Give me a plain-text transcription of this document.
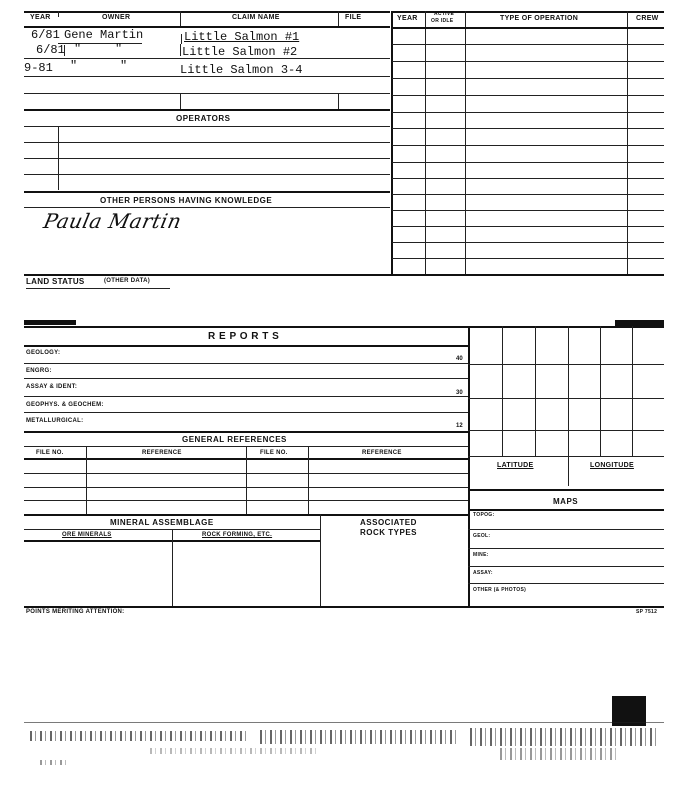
YEAR	OWNER	CLAIM NAME	FILE
6/81 Gene Martin	Little Salmon #1
6/81 "	"	Little Salmon #2
9-81 "	"	Little Salmon 3-4
OPERATORS
OTHER PERSONS HAVING KNOWLEDGE
Paula Martin
YEAR
ACTIVE
OR IDLE	TYPE OF OPERATION	CREW
LAND STATUS	(OTHER DATA)
R E P O R T S
GEOLOGY:
40
ENGRG:
ASSAY & IDENT:
30
GEOPHYS. & GEOCHEM:
METALLURGICAL:
12
LATITUDE	LONGITUDE
MAPS
TOPOG:
GEOL:
MINE:
ASSAY:
OTHER (& PHOTOS)
GENERAL REFERENCES
FILE NO.	REFERENCE	FILE NO.	REFERENCE
MINERAL ASSEMBLAGE	ASSOCIATED
ROCK TYPES
ORE MINERALS	ROCK FORMING, ETC.
POINTS MERITING ATTENTION:	SP 7512
